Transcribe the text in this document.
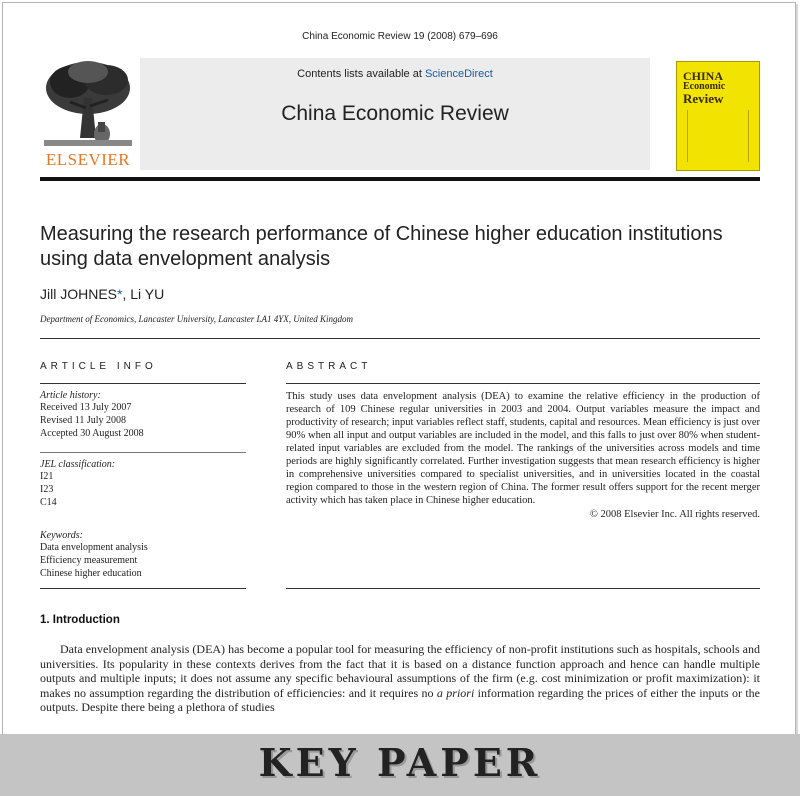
China Economic Review 19 (2008) 679–696
ELSEVIER
Contents lists available at ScienceDirect
China Economic Review
CHINA
Economic
Review
Measuring the research performance of Chinese higher education institutions using data envelopment analysis
Jill JOHNES*, Li YU
Department of Economics, Lancaster University, Lancaster LA1 4YX, United Kingdom
ARTICLE INFO
Article history:
Received 13 July 2007
Revised 11 July 2008
Accepted 30 August 2008
JEL classification:
I21
I23
C14
Keywords:
Data envelopment analysis
Efficiency measurement
Chinese higher education
ABSTRACT
This study uses data envelopment analysis (DEA) to examine the relative efficiency in the production of research of 109 Chinese regular universities in 2003 and 2004. Output variables measure the impact and productivity of research; input variables reflect staff, students, capital and resources. Mean efficiency is just over 90% when all input and output variables are included in the model, and this falls to just over 80% when student-related input variables are excluded from the model. The rankings of the universities across models and time periods are highly significantly correlated. Further investigation suggests that mean research efficiency is higher in comprehensive universities compared to specialist universities, and in universities located in the coastal region compared to those in the western region of China. The former result offers support for the recent merger activity which has taken place in Chinese higher education.
© 2008 Elsevier Inc. All rights reserved.
1. Introduction
Data envelopment analysis (DEA) has become a popular tool for measuring the efficiency of non-profit institutions such as hospitals, schools and universities. Its popularity in these contexts derives from the fact that it is based on a distance function approach and hence can handle multiple outputs and multiple inputs; it does not assume any specific behavioural assumptions of the firm (e.g. cost minimization or profit maximization): it makes no assumption regarding the distribution of efficiencies: and it requires no a priori information regarding the prices of either the inputs or the outputs. Despite there being a plethora of studies
KEY PAPER
